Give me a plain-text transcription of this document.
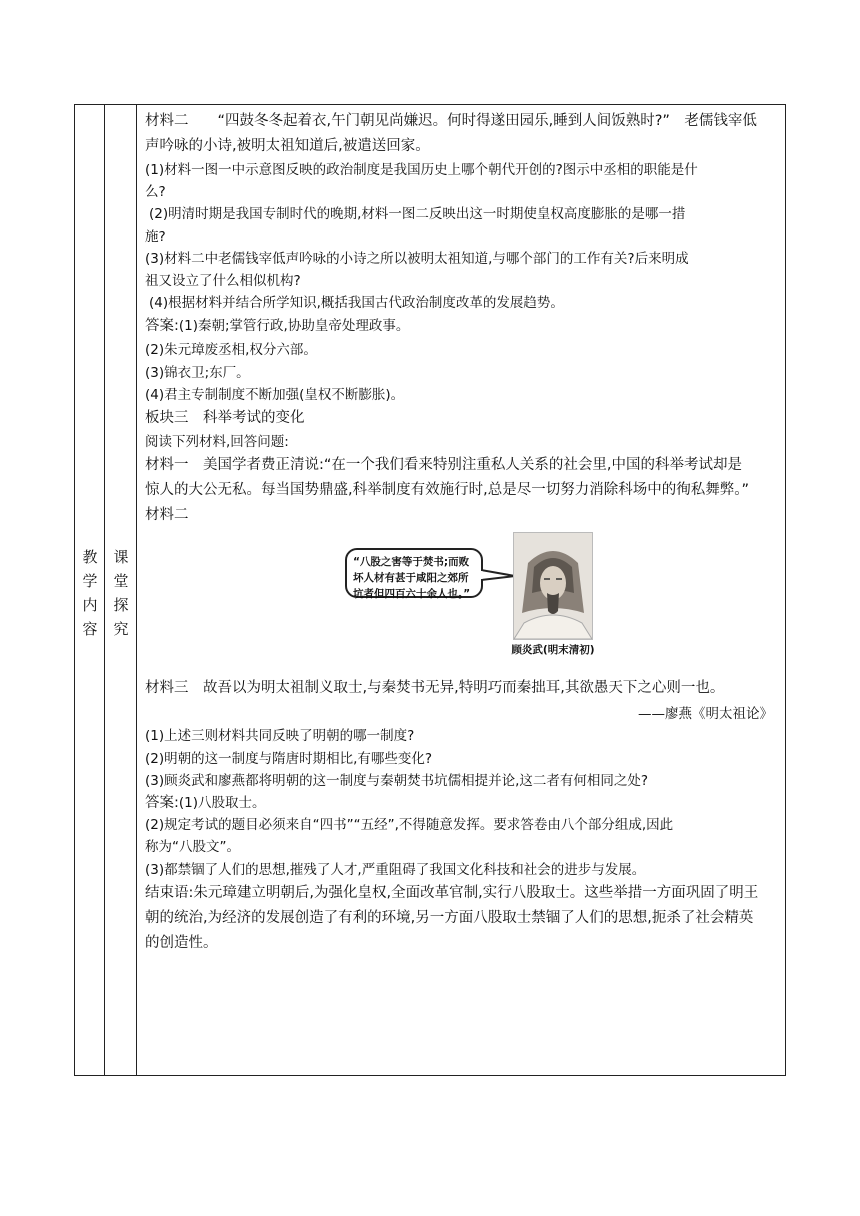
教学内容
课堂探究

材料二　 “四鼓冬冬起着衣,午门朝见尚嫌迟。何时得遂田园乐,睡到人间饭熟时?”　老儒钱宰低

声吟咏的小诗,被明太祖知道后,被遣送回家。

(1)材料一图一中示意图反映的政治制度是我国历史上哪个朝代开创的?图示中丞相的职能是什

么?

(2)明清时期是我国专制时代的晚期,材料一图二反映出这一时期使皇权高度膨胀的是哪一措

施?

(3)材料二中老儒钱宰低声吟咏的小诗之所以被明太祖知道,与哪个部门的工作有关?后来明成

祖又设立了什么相似机构?

(4)根据材料并结合所学知识,概括我国古代政治制度改革的发展趋势。

答案:(1)秦朝;掌管行政,协助皇帝处理政事。

(2)朱元璋废丞相,权分六部。

(3)锦衣卫;东厂。

(4)君主专制制度不断加强(皇权不断膨胀)。

板块三　科举考试的变化

阅读下列材料,回答问题:

材料一　美国学者费正清说:“在一个我们看来特别注重私人关系的社会里,中国的科举考试却是

惊人的大公无私。每当国势鼎盛,科举制度有效施行时,总是尽一切努力消除科场中的徇私舞弊。”

材料二

“八股之害等于焚书;而败坏人材有甚于咸阳之郊所坑者但四百六十余人也。”
顾炎武(明末清初)

材料三　故吾以为明太祖制义取士,与秦焚书无异,特明巧而秦拙耳,其欲愚天下之心则一也。

——廖燕《明太祖论》

(1)上述三则材料共同反映了明朝的哪一制度?

(2)明朝的这一制度与隋唐时期相比,有哪些变化?

(3)顾炎武和廖燕都将明朝的这一制度与秦朝焚书坑儒相提并论,这二者有何相同之处?

答案:(1)八股取士。

(2)规定考试的题目必须来自“四书”“五经”,不得随意发挥。要求答卷由八个部分组成,因此

称为“八股文”。

(3)都禁锢了人们的思想,摧残了人才,严重阻碍了我国文化科技和社会的进步与发展。

结束语:朱元璋建立明朝后,为强化皇权,全面改革官制,实行八股取士。这些举措一方面巩固了明王

朝的统治,为经济的发展创造了有利的环境,另一方面八股取士禁锢了人们的思想,扼杀了社会精英

的创造性。
